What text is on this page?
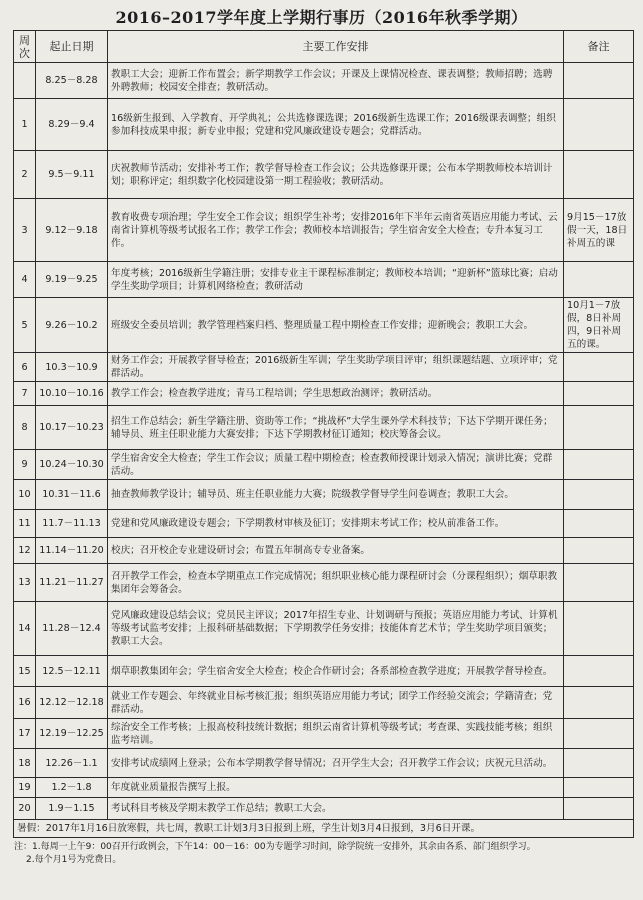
2016–2017学年度上学期行事历（2016年秋季学期）
周次	起止日期	主要工作安排	备注
	8.25－8.28	教职工大会；迎新工作布置会；新学期教学工作会议；开课及上课情况检查、课表调整；教师招聘；选聘外聘教师；校园安全排查；教研活动。	
1	8.29－9.4	16级新生报到、入学教育、开学典礼；公共选修课选课；2016级新生选课工作；2016级课表调整；组织参加科技成果申报；新专业申报；党建和党风廉政建设专题会；党群活动。	
2	9.5－9.11	庆祝教师节活动；安排补考工作；教学督导检查工作会议；公共选修课开课；公布本学期教师校本培训计划；职称评定；组织数字化校园建设第一期工程验收；教研活动。	
3	9.12－9.18	教育收费专项治理；学生安全工作会议；组织学生补考；安排2016年下半年云南省英语应用能力考试、云南省计算机等级考试报名工作；教学工作会；教师校本培训报告；学生宿舍安全大检查；专升本复习工作。	9月15－17放假一天，18日补周五的课
4	9.19－9.25	年度考核；2016级新生学籍注册；安排专业主干课程标准制定；教师校本培训；“迎新杯”篮球比赛；启动学生奖助学项目；计算机网络检查；教研活动	
5	9.26－10.2	班级安全委员培训；教学管理档案归档、整理质量工程中期检查工作安排；迎新晚会；教职工大会。	10月1－7放假，8日补周四，9日补周五的课。
6	10.3－10.9	财务工作会；开展教学督导检查；2016级新生军训；学生奖助学项目评审；组织课题结题、立项评审；党群活动。	
7	10.10－10.16	教学工作会；检查教学进度；青马工程培训；学生思想政治测评；教研活动。	
8	10.17－10.23	招生工作总结会；新生学籍注册、资助等工作；“挑战杯”大学生课外学术科技节；下达下学期开课任务；辅导员、班主任职业能力大赛安排；下达下学期教材征订通知；校庆筹备会议。	
9	10.24－10.30	学生宿舍安全大检查；学生工作会议；质量工程中期检查；检查教师授课计划录入情况；演讲比赛；党群活动。	
10	10.31－11.6	抽查教师教学设计；辅导员、班主任职业能力大赛；院级教学督导学生问卷调查；教职工大会。	
11	11.7－11.13	党建和党风廉政建设专题会；下学期教材审核及征订；安排期末考试工作；校从前准备工作。	
12	11.14－11.20	校庆；召开校企专业建设研讨会；布置五年制高专专业备案。	
13	11.21－11.27	召开教学工作会，检查本学期重点工作完成情况；组织职业核心能力课程研讨会（分课程组织）；烟草职教集团年会筹备会。	
14	11.28－12.4	党风廉政建设总结会议；党员民主评议；2017年招生专业、计划调研与预报；英语应用能力考试、计算机等级考试监考安排；上报科研基础数据；下学期教学任务安排；技能体育艺术节；学生奖助学项目颁奖；教职工大会。	
15	12.5－12.11	烟草职教集团年会；学生宿舍安全大检查；校企合作研讨会；各系部检查教学进度；开展教学督导检查。	
16	12.12－12.18	就业工作专题会、年终就业目标考核汇报；组织英语应用能力考试；团学工作经验交流会；学籍清查；党群活动。	
17	12.19－12.25	综治安全工作考核；上报高校科技统计数据；组织云南省计算机等级考试；考查课、实践技能考核；组织监考培训。	
18	12.26－1.1	安排考试成绩网上登录；公布本学期教学督导情况；召开学生大会；召开教学工作会议；庆祝元旦活动。	
19	1.2－1.8	年度就业质量报告撰写上报。	
20	1.9－1.15	考试科目考核及学期末教学工作总结；教职工大会。	
暑假：2017年1月16日放寒假，共七周，教职工计划3月3日报到上班，学生计划3月4日报到，3月6日开课。			
注：1.每周一上午9：00召开行政例会，下午14：00－16：00为专题学习时间，除学院统一安排外，其余由各系、部门组织学习。
2.每个月1号为党费日。
